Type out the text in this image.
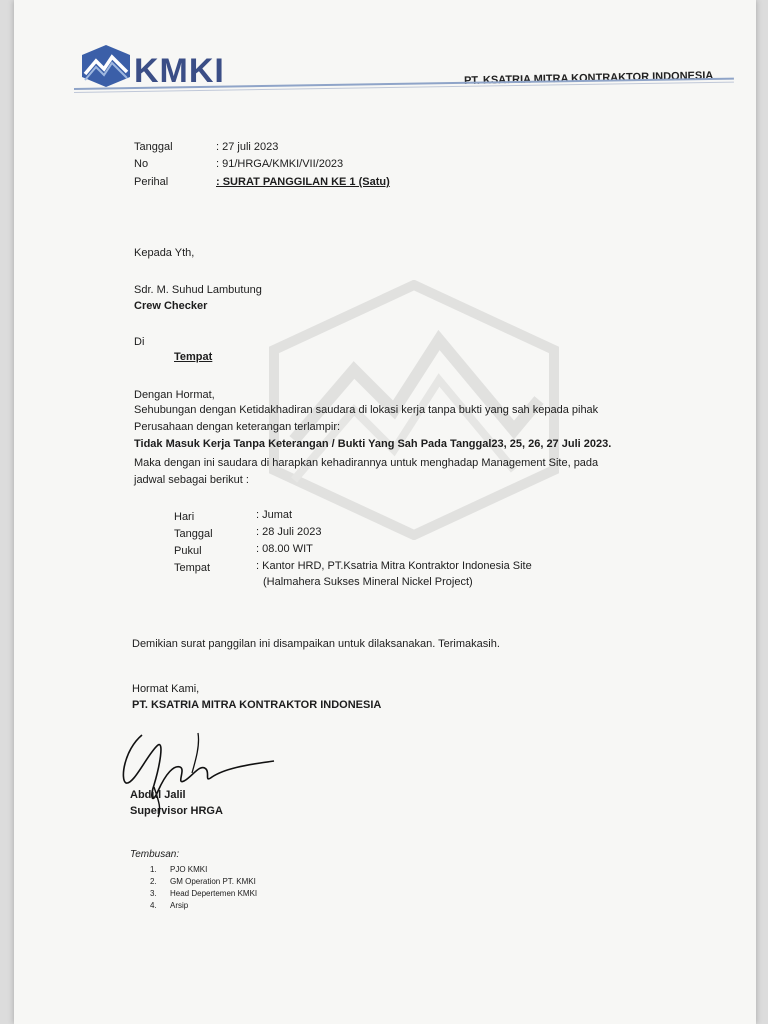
KMKI	PT. KSATRIA MITRA KONTRAKTOR INDONESIA
Tanggal	: 27 juli 2023
No	: 91/HRGA/KMKI/VII/2023
Perihal	: SURAT PANGGILAN KE 1 (Satu)
Kepada Yth,
Sdr. M. Suhud Lambutung
Crew Checker
Di
Tempat
Dengan Hormat,
Sehubungan dengan Ketidakhadiran saudara di lokasi kerja tanpa bukti yang sah kepada pihak
Perusahaan dengan keterangan terlampir:
Tidak Masuk Kerja Tanpa Keterangan / Bukti Yang Sah Pada Tanggal23, 25, 26, 27 Juli 2023.
Maka dengan ini saudara di harapkan kehadirannya untuk menghadap Management Site, pada
jadwal sebagai berikut :
Hari	: Jumat
Tanggal	: 28 Juli 2023
Pukul	: 08.00 WIT
Tempat	: Kantor HRD, PT.Ksatria Mitra Kontraktor Indonesia Site
(Halmahera Sukses Mineral Nickel Project)
Demikian surat panggilan ini disampaikan untuk dilaksanakan. Terimakasih.
Hormat Kami,
PT. KSATRIA MITRA KONTRAKTOR INDONESIA
Abdul Jalil
Supervisor HRGA
Tembusan:
1. PJO KMKI
2. GM Operation PT. KMKI
3. Head Depertemen KMKI
4. Arsip
